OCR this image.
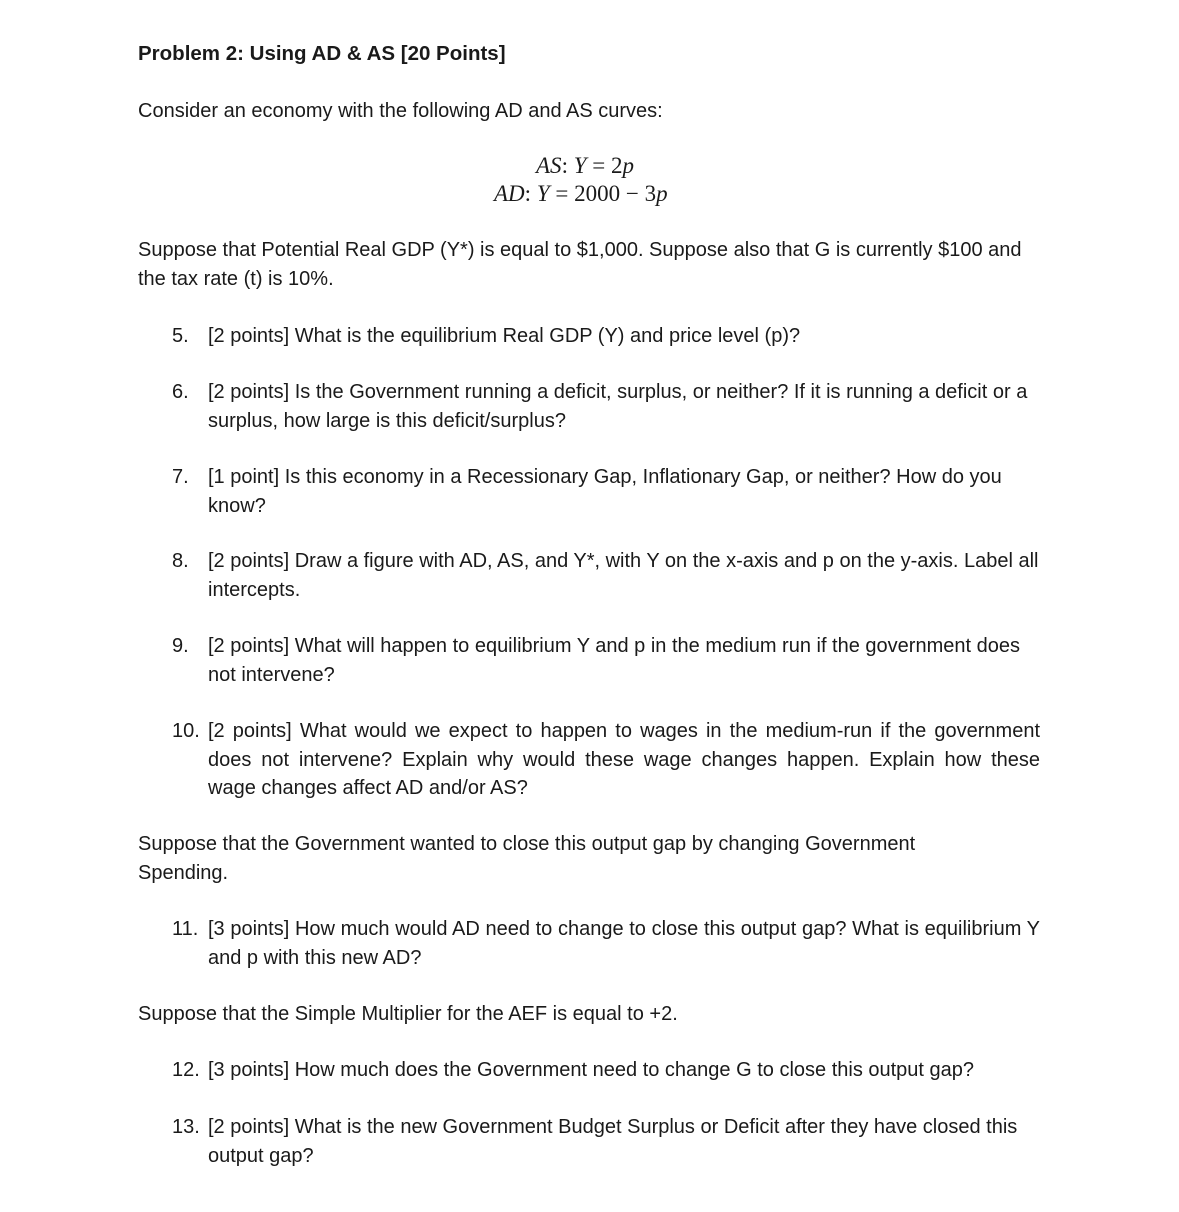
Problem 2: Using AD & AS [20 Points]
Consider an economy with the following AD and AS curves:
AS: Y = 2p
AD: Y = 2000 − 3p
Suppose that Potential Real GDP (Y*) is equal to $1,000. Suppose also that G is currently $100 and the tax rate (t) is 10%.
5. [2 points] What is the equilibrium Real GDP (Y) and price level (p)?
6. [2 points] Is the Government running a deficit, surplus, or neither? If it is running a deficit or a surplus, how large is this deficit/surplus?
7. [1 point] Is this economy in a Recessionary Gap, Inflationary Gap, or neither? How do you know?
8. [2 points] Draw a figure with AD, AS, and Y*, with Y on the x-axis and p on the y-axis. Label all intercepts.
9. [2 points] What will happen to equilibrium Y and p in the medium run if the government does not intervene?
10. [2 points] What would we expect to happen to wages in the medium-run if the government does not intervene? Explain why would these wage changes happen. Explain how these wage changes affect AD and/or AS?
Suppose that the Government wanted to close this output gap by changing Government Spending.
11. [3 points] How much would AD need to change to close this output gap? What is equilibrium Y and p with this new AD?
Suppose that the Simple Multiplier for the AEF is equal to +2.
12. [3 points] How much does the Government need to change G to close this output gap?
13. [2 points] What is the new Government Budget Surplus or Deficit after they have closed this output gap?
